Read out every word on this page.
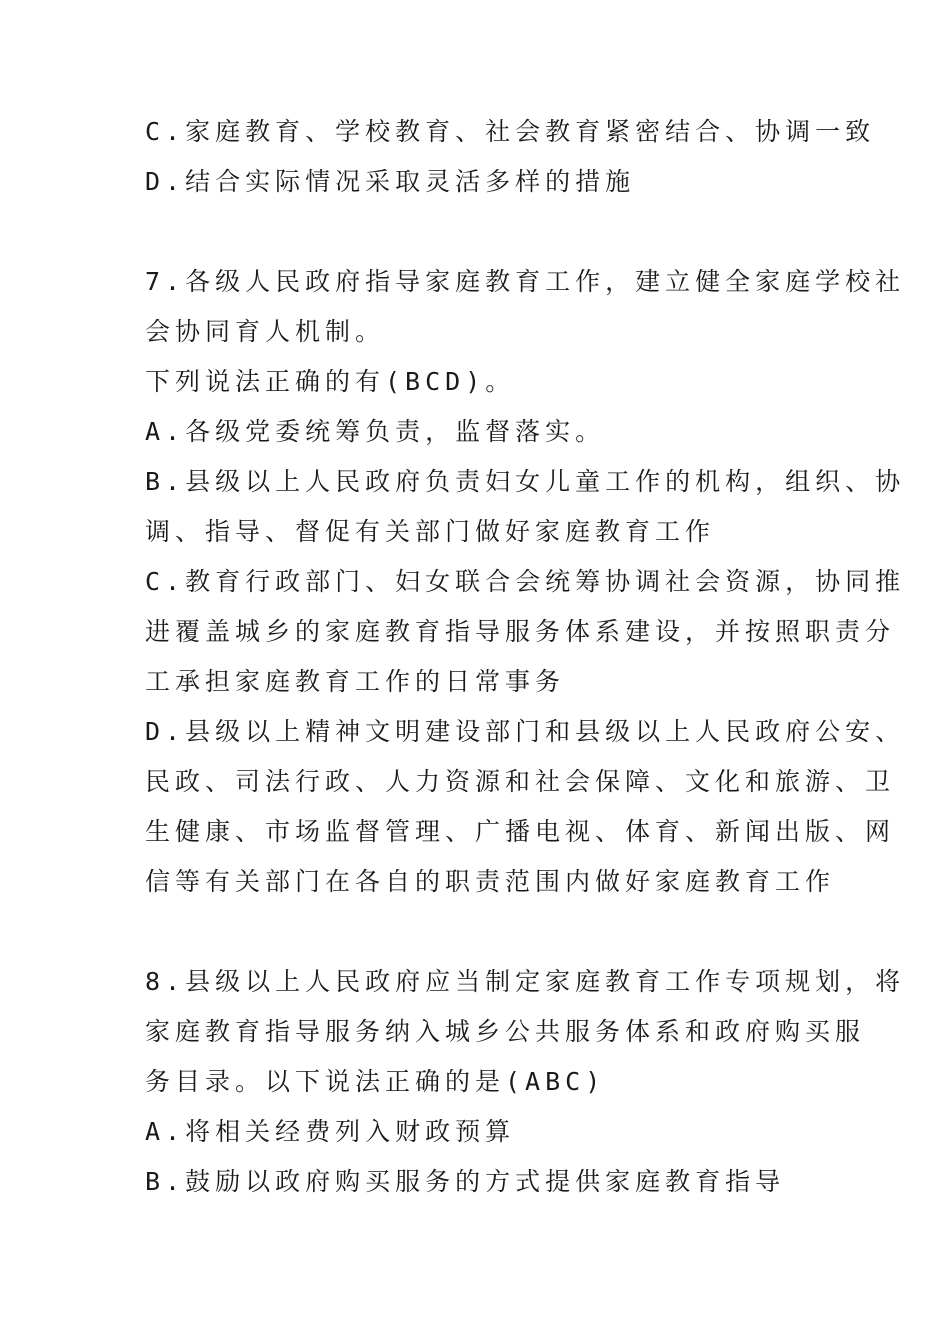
C.家庭教育、学校教育、社会教育紧密结合、协调一致
D.结合实际情况采取灵活多样的措施
7.各级人民政府指导家庭教育工作，建立健全家庭学校社
会协同育人机制。
下列说法正确的有(BCD)。
A.各级党委统筹负责，监督落实。
B.县级以上人民政府负责妇女儿童工作的机构，组织、协
调、指导、督促有关部门做好家庭教育工作
C.教育行政部门、妇女联合会统筹协调社会资源，协同推
进覆盖城乡的家庭教育指导服务体系建设，并按照职责分
工承担家庭教育工作的日常事务
D.县级以上精神文明建设部门和县级以上人民政府公安、
民政、司法行政、人力资源和社会保障、文化和旅游、卫
生健康、市场监督管理、广播电视、体育、新闻出版、网
信等有关部门在各自的职责范围内做好家庭教育工作
8.县级以上人民政府应当制定家庭教育工作专项规划，将
家庭教育指导服务纳入城乡公共服务体系和政府购买服
务目录。以下说法正确的是(ABC)
A.将相关经费列入财政预算
B.鼓励以政府购买服务的方式提供家庭教育指导
